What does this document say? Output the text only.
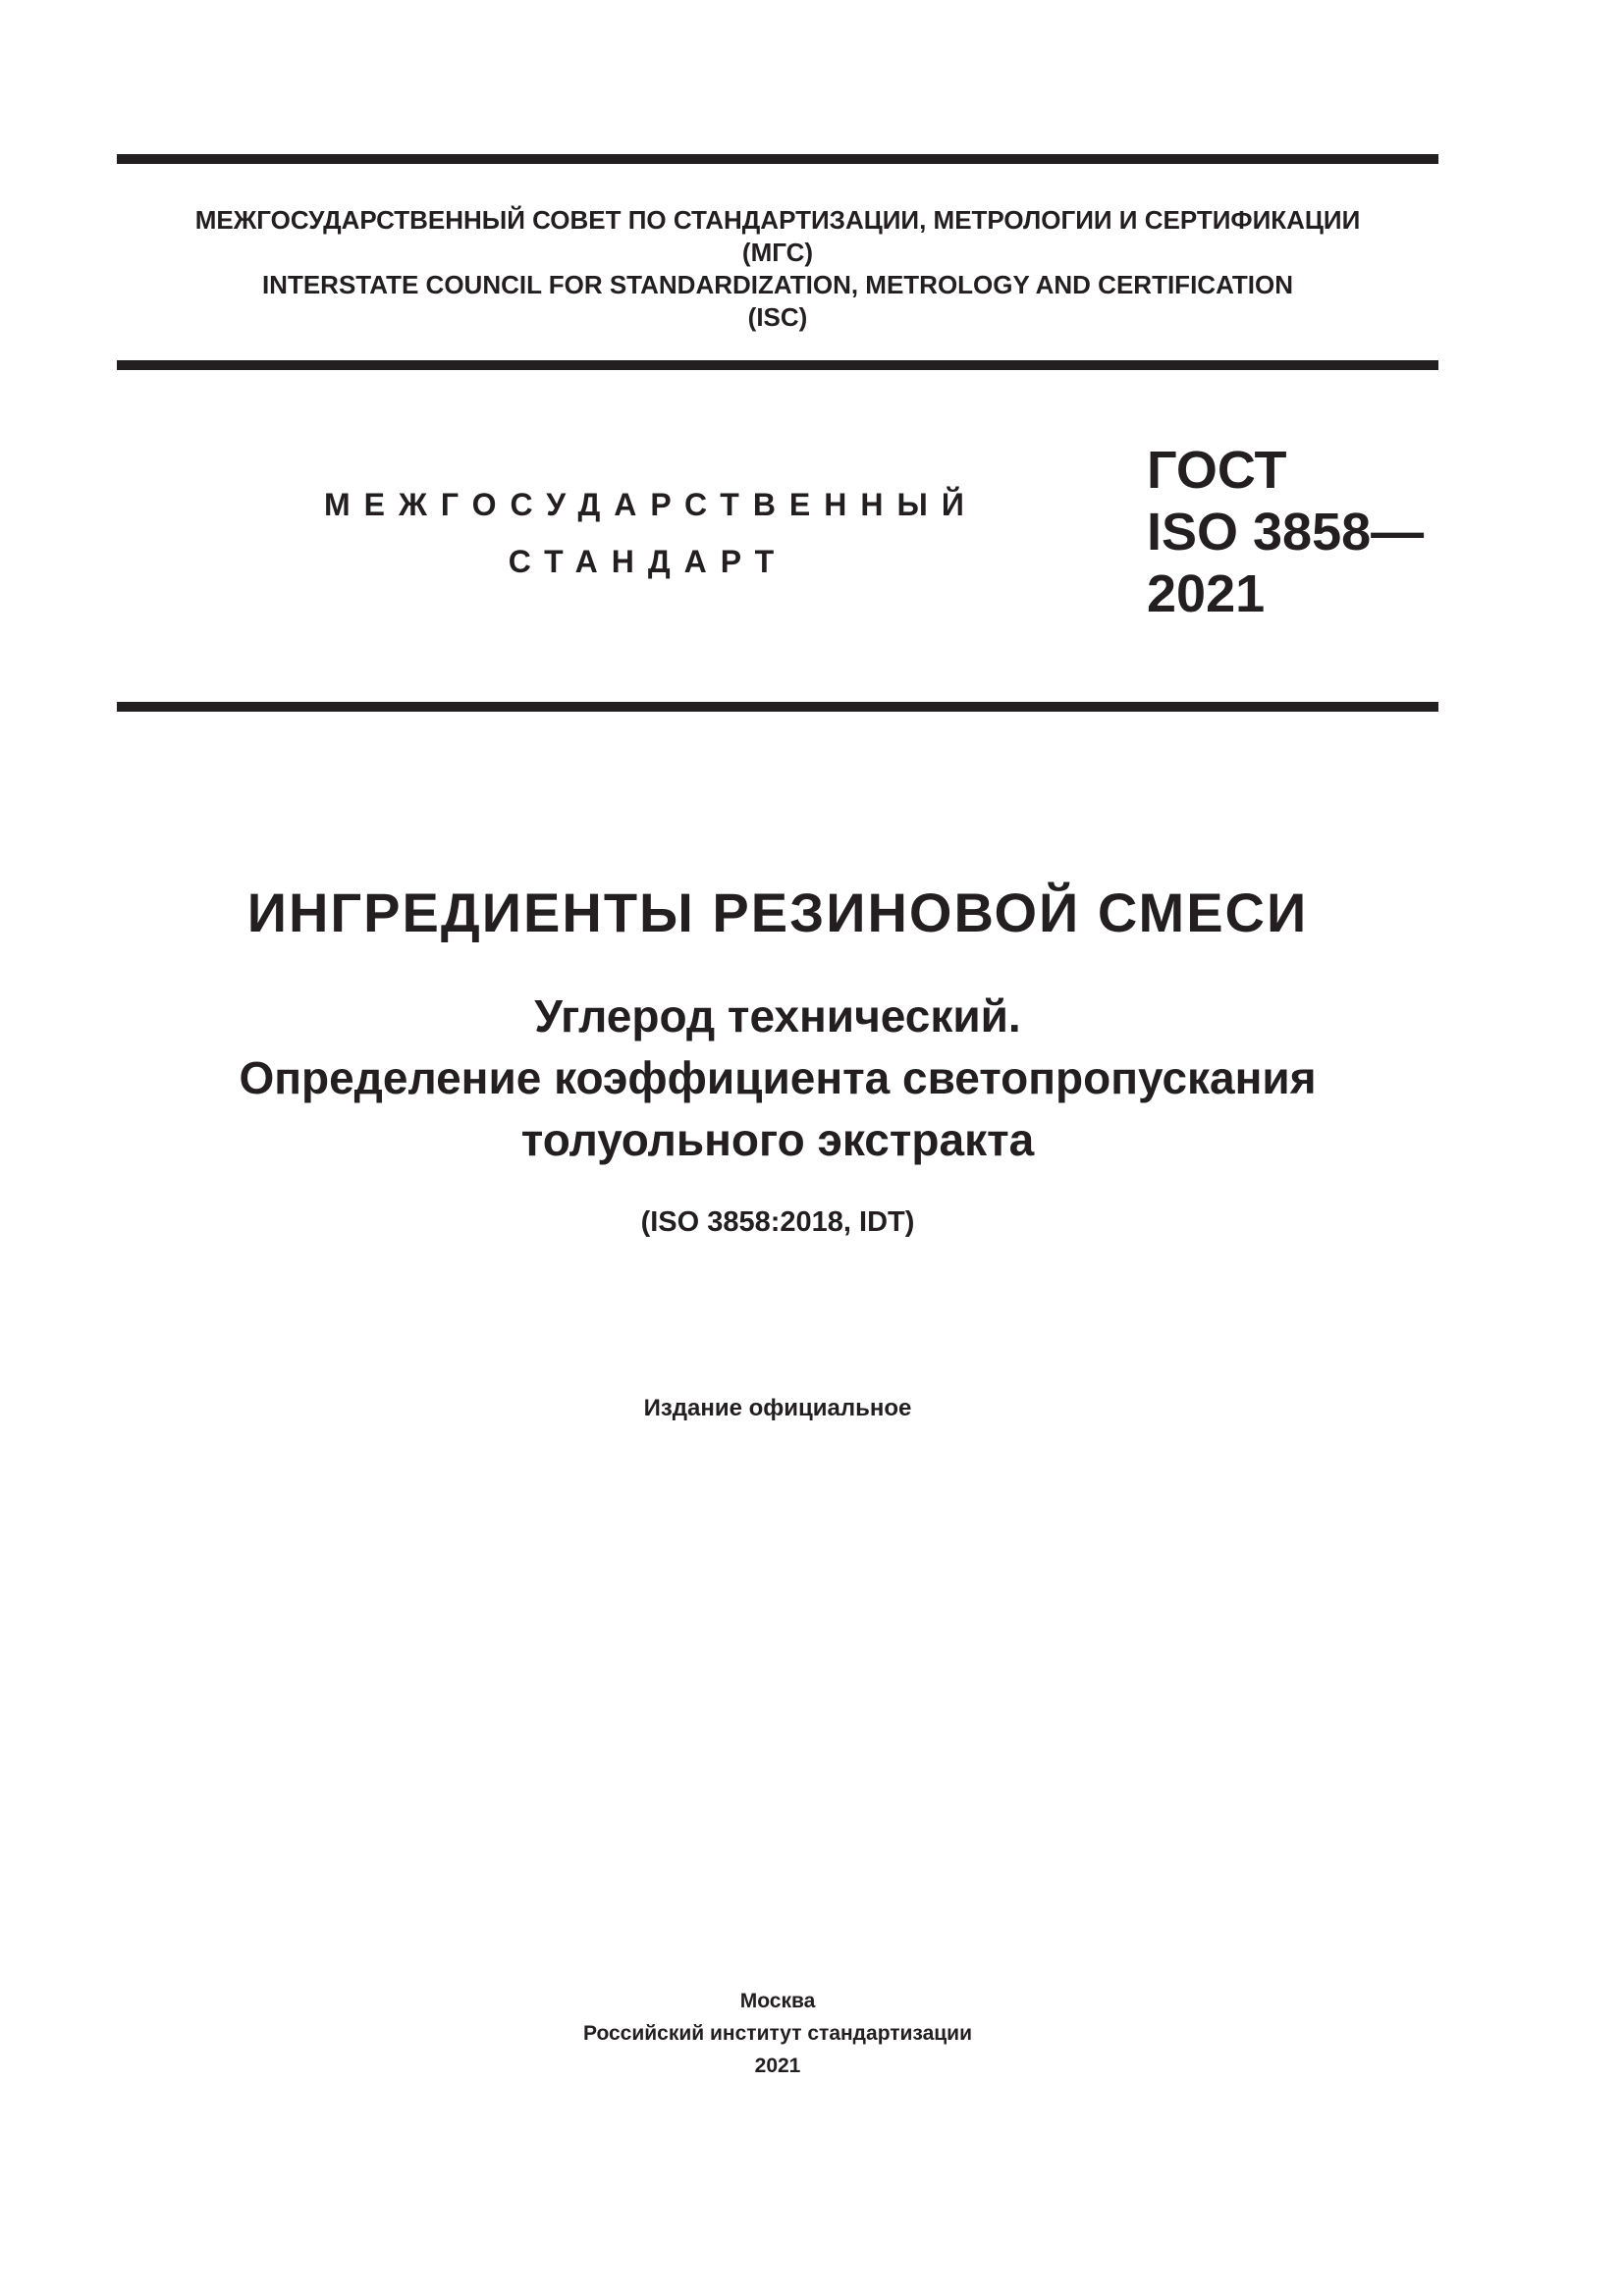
МЕЖГОСУДАРСТВЕННЫЙ СОВЕТ ПО СТАНДАРТИЗАЦИИ, МЕТРОЛОГИИ И СЕРТИФИКАЦИИ
(МГС)
INTERSTATE COUNCIL FOR STANDARDIZATION, METROLOGY AND CERTIFICATION
(ISC)
МЕЖГОСУДАРСТВЕННЫЙ
СТАНДАРТ
ГОСТ
ISO 3858—
2021
ИНГРЕДИЕНТЫ РЕЗИНОВОЙ СМЕСИ
Углерод технический.
Определение коэффициента светопропускания
толуольного экстракта
(ISO 3858:2018, IDT)
Издание официальное
Москва
Российский институт стандартизации
2021
